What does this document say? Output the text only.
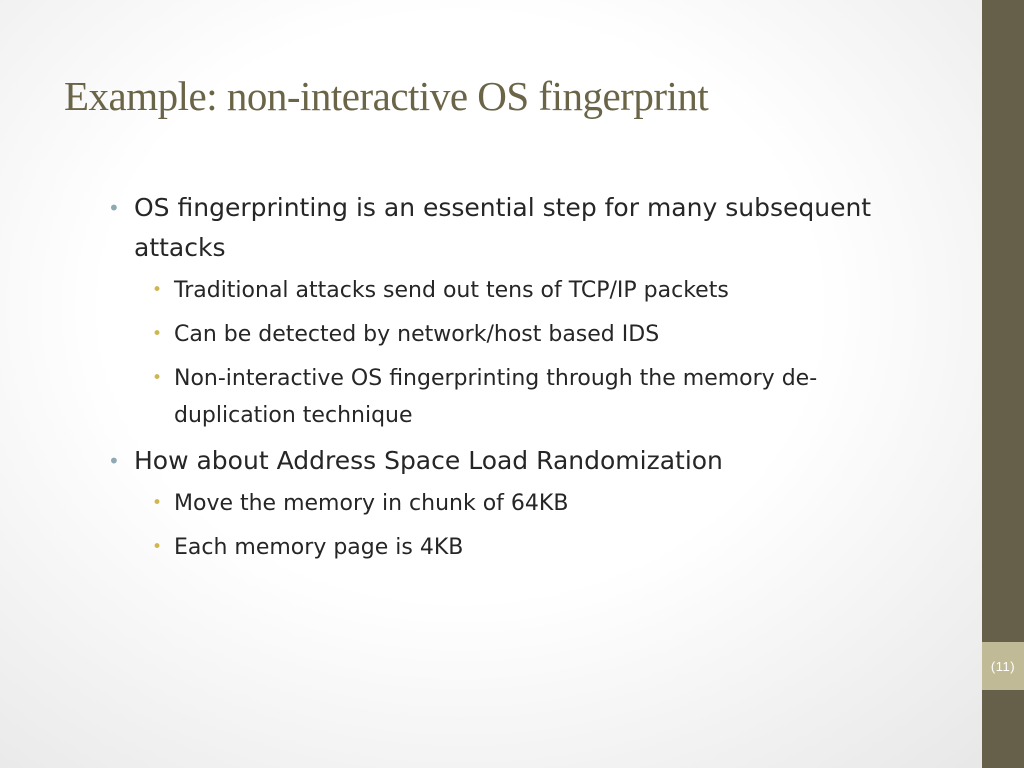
Example: non-interactive OS fingerprint
• OS fingerprinting is an essential step for many subsequent attacks
• Traditional attacks send out tens of TCP/IP packets
• Can be detected by network/host based IDS
• Non-interactive OS fingerprinting through the memory de-duplication technique
• How about Address Space Load Randomization
• Move the memory in chunk of 64KB
• Each memory page is 4KB
(11)
